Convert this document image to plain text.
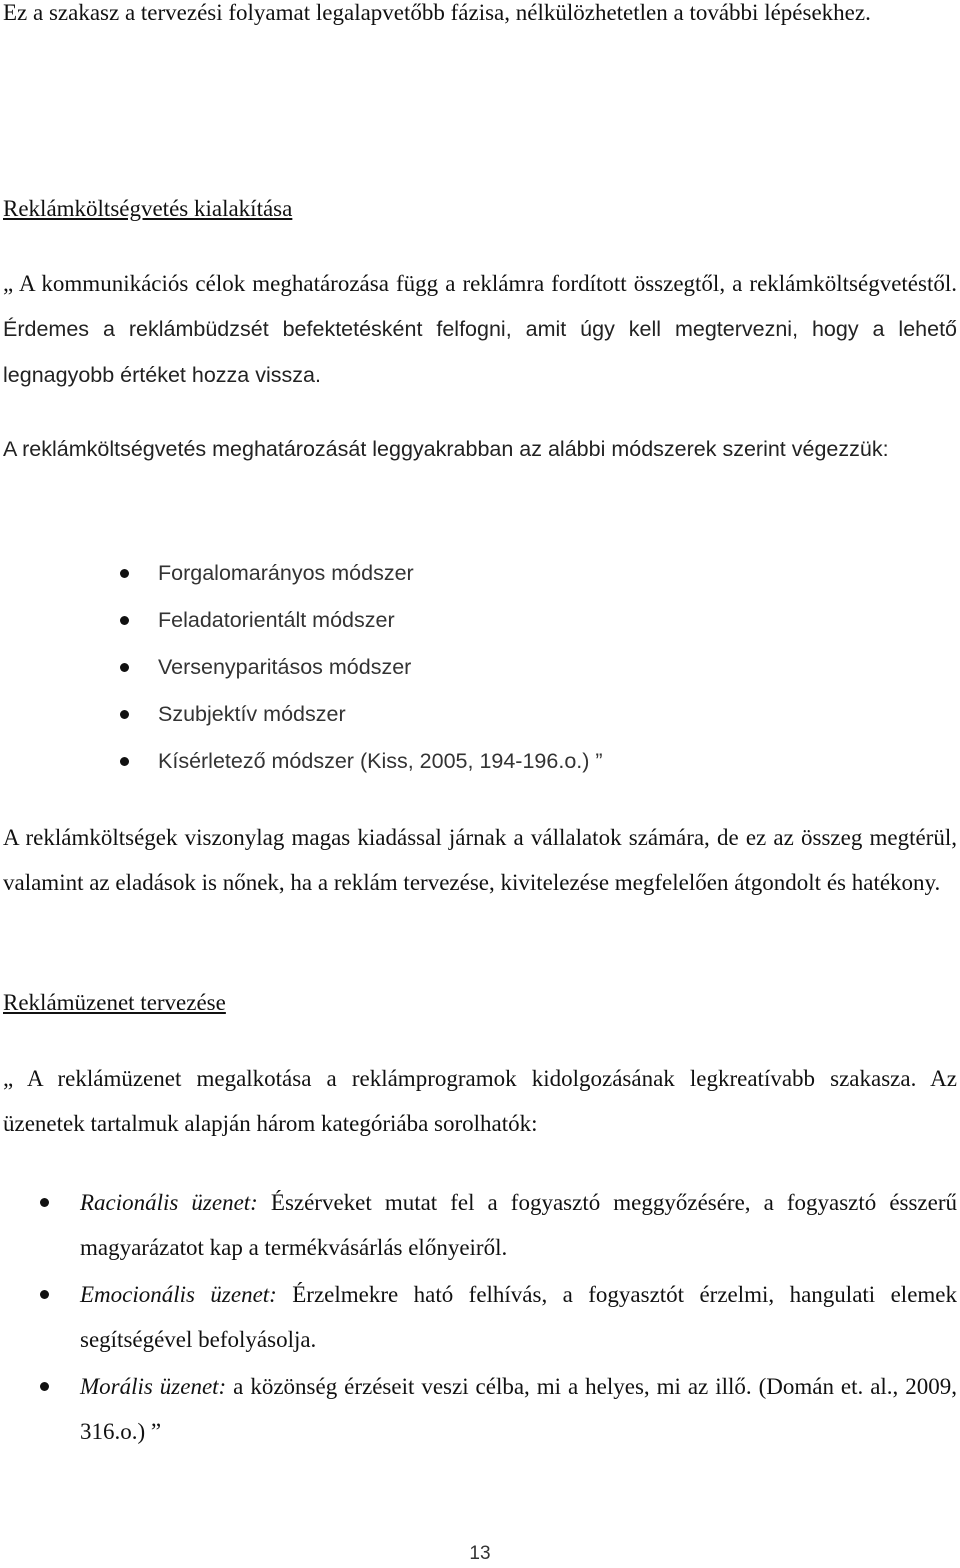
Ez a szakasz a tervezési folyamat legalapvetőbb fázisa, nélkülözhetetlen a további lépésekhez.

Reklámköltségvetés kialakítása

„ A kommunikációs célok meghatározása függ a reklámra fordított összegtől, a reklámköltségvetéstől. Érdemes a reklámbüdzsét befektetésként felfogni, amit úgy kell megtervezni, hogy a lehető legnagyobb értéket hozza vissza.

A reklámköltségvetés meghatározását leggyakrabban az alábbi módszerek szerint végezzük:

Forgalomarányos módszer
Feladatorientált módszer
Versenyparitásos módszer
Szubjektív módszer
Kísérletező módszer (Kiss, 2005, 194-196.o.) ”

A reklámköltségek viszonylag magas kiadással járnak a vállalatok számára, de ez az összeg megtérül, valamint az eladások is nőnek, ha a reklám tervezése, kivitelezése megfelelően átgondolt és hatékony.

Reklámüzenet tervezése

„ A reklámüzenet megalkotása a reklámprogramok kidolgozásának legkreatívabb szakasza. Az üzenetek tartalmuk alapján három kategóriába sorolhatók:

Racionális üzenet: Észérveket mutat fel a fogyasztó meggyőzésére, a fogyasztó ésszerű magyarázatot kap a termékvásárlás előnyeiről.
Emocionális üzenet: Érzelmekre ható felhívás, a fogyasztót érzelmi, hangulati elemek segítségével befolyásolja.
Morális üzenet: a közönség érzéseit veszi célba, mi a helyes, mi az illő. (Domán et. al., 2009, 316.o.) ”
13
